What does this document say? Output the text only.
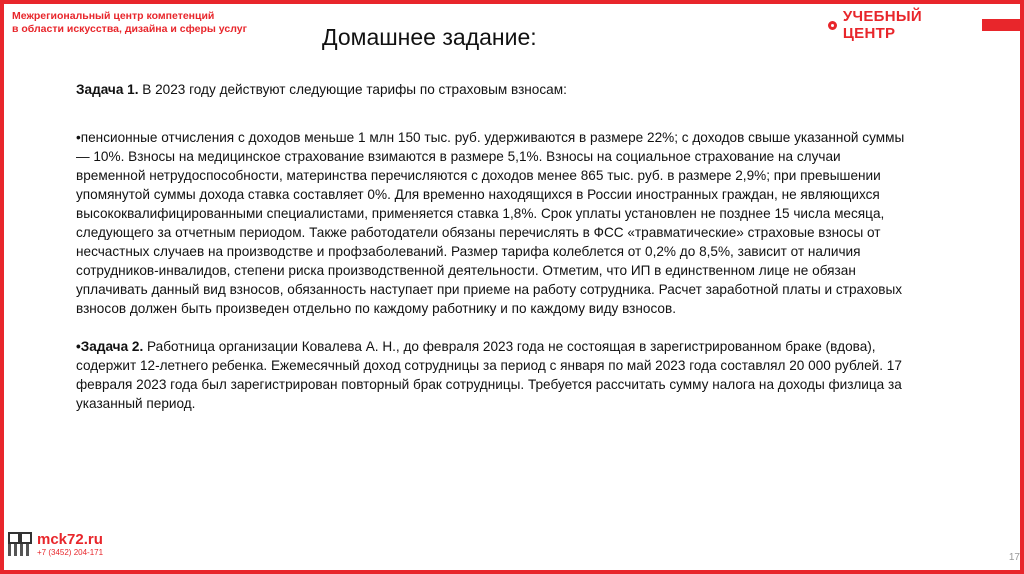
Межрегиональный центр компетенций
в области искусства, дизайна и сферы услуг
УЧЕБНЫЙ ЦЕНТР
Домашнее задание:

Задача 1. В 2023 году действуют следующие тарифы по страховым взносам:

•пенсионные отчисления с доходов меньше 1 млн 150 тыс. руб. удерживаются в размере 22%; с доходов свыше указанной суммы — 10%. Взносы на медицинское страхование взимаются в размере 5,1%. Взносы на социальное страхование на случаи временной нетрудоспособности, материнства перечисляются с доходов менее 865 тыс. руб. в размере 2,9%; при превышении упомянутой суммы дохода ставка составляет 0%. Для временно находящихся в России иностранных граждан, не являющихся высококвалифицированными специалистами, применяется ставка 1,8%. Срок уплаты установлен не позднее 15 числа месяца, следующего за отчетным периодом. Также работодатели обязаны перечислять в ФСС «травматические» страховые взносы от несчастных случаев на производстве и профзаболеваний. Размер тарифа колеблется от 0,2% до 8,5%, зависит от наличия сотрудников-инвалидов, степени риска производственной деятельности. Отметим, что ИП в единственном лице не обязан уплачивать данный вид взносов, обязанность наступает при приеме на работу сотрудника. Расчет заработной платы и страховых взносов должен быть произведен отдельно по каждому работнику и по каждому виду взносов.

•Задача 2. Работница организации Ковалева А. Н., до февраля 2023 года не состоящая в зарегистрированном браке (вдова), содержит 12-летнего ребенка. Ежемесячный доход сотрудницы за период с января по май 2023 года составлял 20 000 рублей. 17 февраля 2023 года был зарегистрирован повторный брак сотрудницы. Требуется рассчитать сумму налога на доходы физлица за указанный период.

mck72.ru
+7 (3452) 204-171	17
